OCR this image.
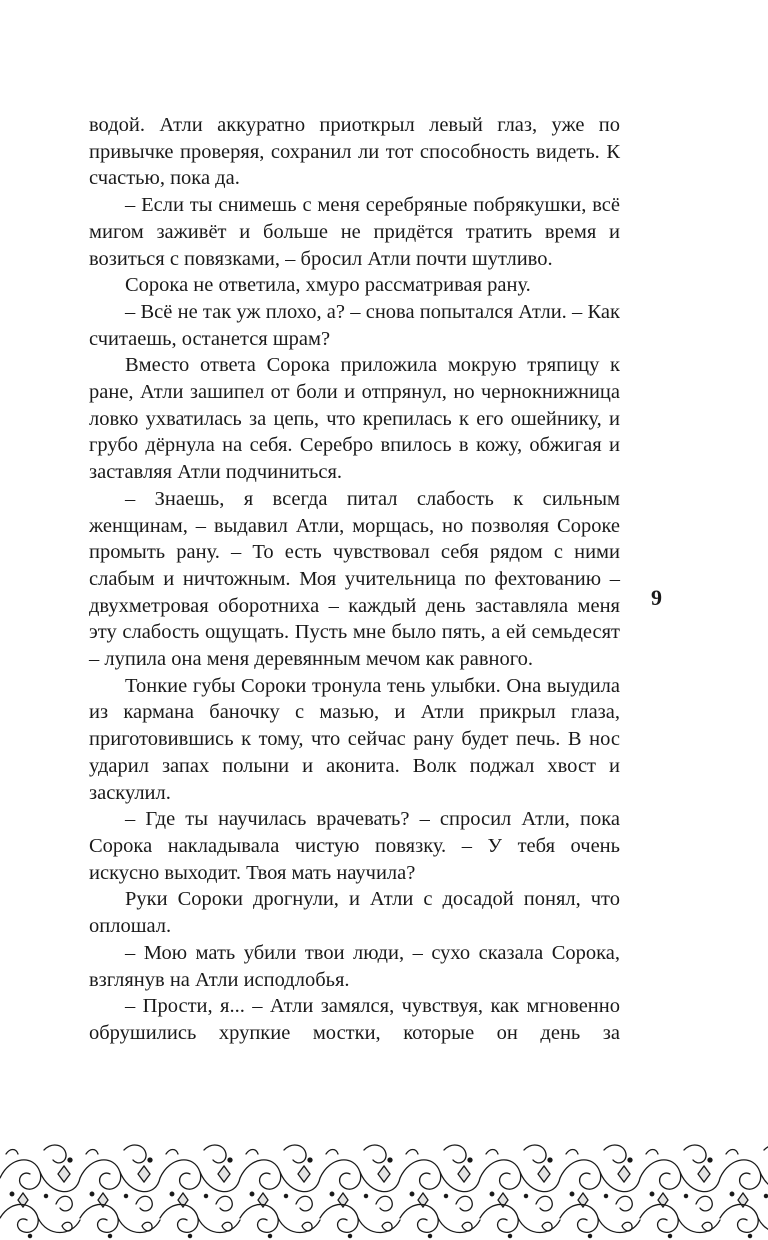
водой. Атли аккуратно приоткрыл левый глаз, уже по привычке проверяя, сохранил ли тот способность видеть. К счастью, пока да.

– Если ты снимешь с меня серебряные побрякушки, всё мигом заживёт и больше не придётся тратить время и возиться с повязками, – бросил Атли почти шутливо.

Сорока не ответила, хмуро рассматривая рану.

– Всё не так уж плохо, а? – снова попытался Атли. – Как считаешь, останется шрам?

Вместо ответа Сорока приложила мокрую тряпицу к ране, Атли зашипел от боли и отпрянул, но чернокнижница ловко ухватилась за цепь, что крепилась к его ошейнику, и грубо дёрнула на себя. Серебро впилось в кожу, обжигая и заставляя Атли подчиниться.

– Знаешь, я всегда питал слабость к сильным женщинам, – выдавил Атли, морщась, но позволяя Сороке промыть рану. – То есть чувствовал себя рядом с ними слабым и ничтожным. Моя учительница по фехтованию – двухметровая оборотниха – каждый день заставляла меня эту слабость ощущать. Пусть мне было пять, а ей семьдесят – лупила она меня деревянным мечом как равного.

Тонкие губы Сороки тронула тень улыбки. Она выудила из кармана баночку с мазью, и Атли прикрыл глаза, приготовившись к тому, что сейчас рану будет печь. В нос ударил запах полыни и аконита. Волк поджал хвост и заскулил.

– Где ты научилась врачевать? – спросил Атли, пока Сорока накладывала чистую повязку. – У тебя очень искусно выходит. Твоя мать научила?

Руки Сороки дрогнули, и Атли с досадой понял, что оплошал.

– Мою мать убили твои люди, – сухо сказала Сорока, взглянув на Атли исподлобья.

– Прости, я... – Атли замялся, чувствуя, как мгновенно обрушились хрупкие мостки, которые он день за

9
